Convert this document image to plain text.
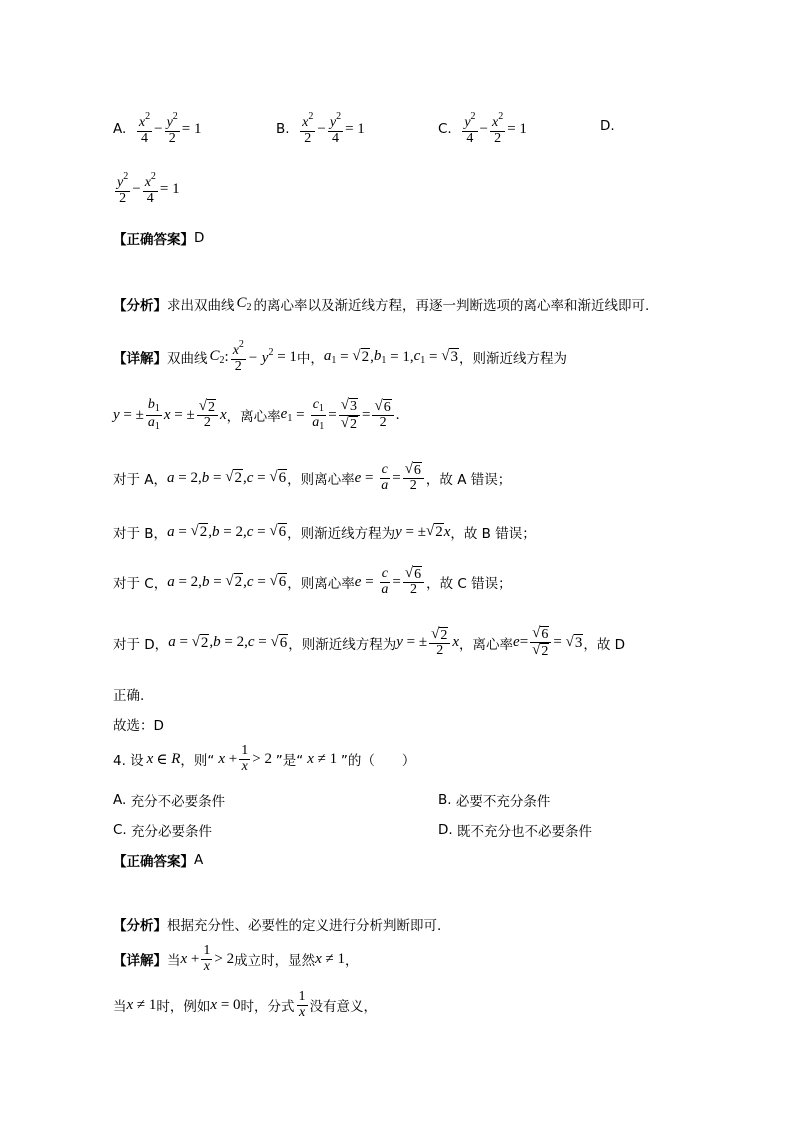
A.
$\frac{x^2}{4} - \frac{y^2}{2} = 1$	B.
$\frac{x^2}{2} - \frac{y^2}{4} = 1$	C.
$\frac{y^2}{4} - \frac{x^2}{2} = 1$	D.
$\frac{y^2}{2} - \frac{x^2}{4} = 1$
【正确答案】 D
【分析】 求出双曲线 $C_2$ 的离心率以及渐近线方程，再逐一判断选项的离心率和渐近线即可.
【详解】 双曲线 $C_2$ : $\frac{x^2}{2} - y^2 = 1$ 中， $a_1$ = √ 2 , $b_1 = 1$, $c_1$ = √ 3 ，则渐近线方程为
y = ± $\frac{b_1}{a_1}$ x = ± $\frac{√ 2}{2}$ x ，离心率 $e_1 = \frac{c_1}{a_1} = \frac{√ 3}{√ 2} = \frac{√ 6}{2}$ .
对于 A， a = 2, b = √ 2 , c = √ 6 ，则离心率 $e = \frac{c}{a} = \frac{√ 6}{2}$ ，故 A 错误；
对于 B， a = √ 2 , b = 2, c = √ 6 ，则渐近线方程为 y = ± √ 2 x ，故 B 错误；
对于 C， a = 2, b = √ 2 , c = √ 6 ，则离心率 $e = \frac{c}{a} = \frac{√ 6}{2}$ ，故 C 错误；
对于 D， a = √ 2 , b = 2, c = √ 6 ，则渐近线方程为 y = ± $\frac{√ 2}{2}$ x ，离心率 $e = \frac{√ 6}{√ 2}$ = √ 3 ，故 D
正确.
故选：D
4. 设 x ∈ R ，则“ $x + \frac{1}{x} > 2$ ”是“ x ≠ 1 ”的（　　）
A.
充分不必要条件	B.
必要不充分条件
C.
充分必要条件	D.
既不充分也不必要条件
【正确答案】 A
【分析】 根据充分性、必要性的定义进行分析判断即可.
【详解】 当 $x + \frac{1}{x} > 2$ 成立时，显然 x ≠ 1 ，
当 x ≠ 1 时，例如 x = 0 时，分式 $\frac{1}{x}$ 没有意义，
